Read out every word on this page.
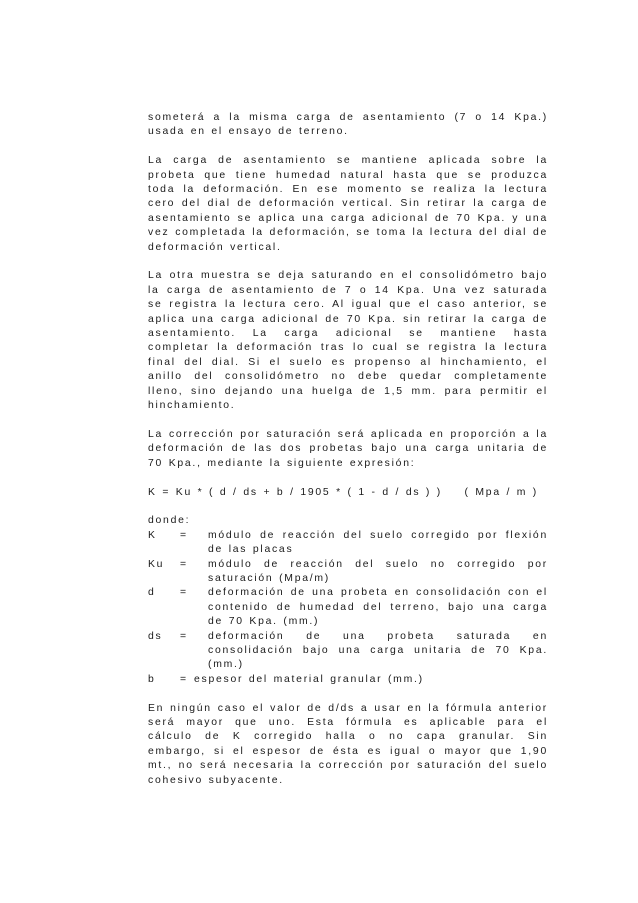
someterá a la misma carga de asentamiento (7 o 14 Kpa.) usada en el ensayo de terreno.

La carga de asentamiento se mantiene aplicada sobre la probeta que tiene humedad natural hasta que se produzca toda la deformación. En ese momento se realiza la lectura cero del dial de deformación vertical. Sin retirar la carga de asentamiento se aplica una carga adicional de 70 Kpa. y una vez completada la deformación, se toma la lectura del dial de deformación vertical.

La otra muestra se deja saturando en el consolidómetro bajo la carga de asentamiento de 7 o 14 Kpa. Una vez saturada se registra la lectura cero. Al igual que el caso anterior, se aplica una carga adicional de 70 Kpa. sin retirar la carga de asentamiento. La carga adicional se mantiene hasta completar la deformación tras lo cual se registra la lectura final del dial. Si el suelo es propenso al hinchamiento, el anillo del consolidómetro no debe quedar completamente lleno, sino dejando una huelga de 1,5 mm. para permitir el hinchamiento.

La corrección por saturación será aplicada en proporción a la deformación de las dos probetas bajo una carga unitaria de 70 Kpa., mediante la siguiente expresión:

K = Ku * ( d / ds + b / 1905 * ( 1 - d / ds ) )    ( Mpa / m )

donde:

K	=	módulo de reacción del suelo corregido por flexión de las placas
Ku	=	módulo de reacción del suelo no corregido por saturación (Mpa/m)
d	=	deformación de una probeta en consolidación con el contenido de humedad del terreno, bajo una carga de 70 Kpa. (mm.)
ds	=	deformación de una probeta saturada en consolidación bajo una carga unitaria de 70 Kpa. (mm.)
b	= espesor del material granular (mm.)

En ningún caso el valor de d/ds a usar en la fórmula anterior será mayor que uno. Esta fórmula es aplicable para el cálculo de K corregido halla o no capa granular. Sin embargo, si el espesor de ésta es igual o mayor que 1,90 mt., no será necesaria la corrección por saturación del suelo cohesivo subyacente.
